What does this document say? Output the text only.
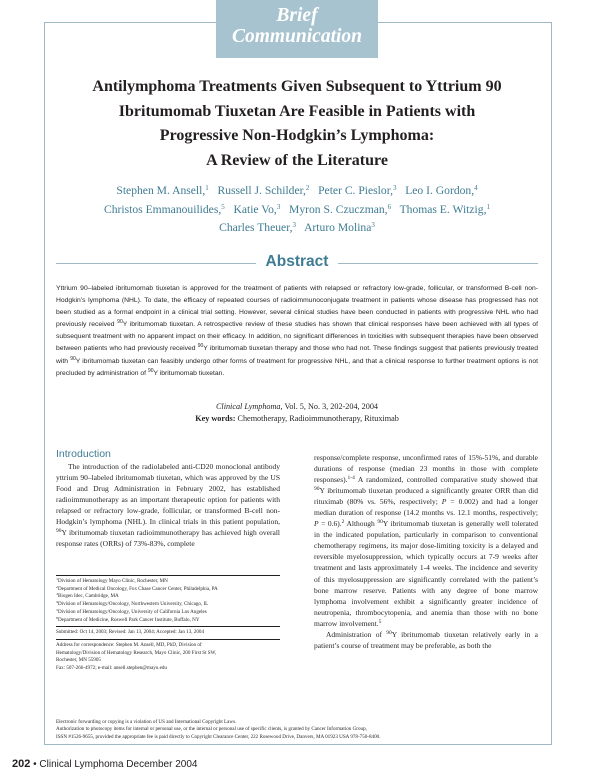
Brief
Communication
Antilymphoma Treatments Given Subsequent to Yttrium 90
Ibritumomab Tiuxetan Are Feasible in Patients with
Progressive Non-Hodgkin’s Lymphoma:
A Review of the Literature
Stephen M. Ansell,$^1$  Russell J. Schilder,$^2$  Peter C. Pieslor,$^3$  Leo I. Gordon,$^4$
Christos Emmanouilides,$^5$  Katie Vo,$^3$  Myron S. Czuczman,$^6$  Thomas E. Witzig,$^1$
Charles Theuer,$^3$  Arturo Molina$^3$
Abstract

Yttrium 90–labeled ibritumomab tiuxetan is approved for the treatment of patients with relapsed or refractory low-grade, follicular, or transformed B-cell non-Hodgkin’s lymphoma (NHL). To date, the efficacy of repeated courses of radioimmunoconjugate treatment in patients whose disease has progressed has not been studied as a formal endpoint in a clinical trial setting. However, several clinical studies have been conducted in patients with progressive NHL who had previously received $^{90}$Y ibritumomab tiuxetan. A retrospective review of these studies has shown that clinical responses have been achieved with all types of subsequent treatment with no apparent impact on their efficacy. In addition, no significant differences in toxicities with subsequent therapies have been observed between patients who had previously received $^{90}$Y ibritumomab tiuxetan therapy and those who had not. These findings suggest that patients previously treated with $^{90}$Y ibritumomab tiuxetan can feasibly undergo other forms of treatment for progressive NHL, and that a clinical response to further treatment options is not precluded by administration of $^{90}$Y ibritumomab tiuxetan.

Clinical Lymphoma, Vol. 5, No. 3, 202-204, 2004
Key words: Chemotherapy, Radioimmunotherapy, Rituximab
Introduction

The introduction of the radiolabeled anti-CD20 monoclonal antibody yttrium 90–labeled ibritumomab tiuxetan, which was approved by the US Food and Drug Administration in February 2002, has established radioimmunotherapy as an important therapeutic option for patients with relapsed or refractory low-grade, follicular, or transformed B-cell non-Hodgkin’s lymphoma (NHL). In clinical trials in this patient population, $^{90}$Y ibritumomab tiuxetan radioimmunotherapy has achieved high overall response rates (ORRs) of 73%-83%, complete

response/complete response, unconfirmed rates of 15%-51%, and durable durations of response (median 23 months in those with complete responses).$^{1-4}$ A randomized, controlled comparative study showed that $^{90}$Y ibritumomab tiuxetan produced a significantly greater ORR than did rituximab (80% vs. 56%, respectively; P = 0.002) and had a longer median duration of response (14.2 months vs. 12.1 months, respectively; P = 0.6).$^2$ Although $^{90}$Y ibritumomab tiuxetan is generally well tolerated in the indicated population, particularly in comparison to conventional chemotherapy regimens, its major dose-limiting toxicity is a delayed and reversible myelosuppression, which typically occurs at 7-9 weeks after treatment and lasts approximately 1-4 weeks. The incidence and severity of this myelosuppression are significantly correlated with the patient’s bone marrow reserve. Patients with any degree of bone marrow lymphoma involvement exhibit a significantly greater incidence of neutropenia, thrombocytopenia, and anemia than those with no bone marrow involvement.$^5$

Administration of $^{90}$Y ibritumomab tiuxetan relatively early in a patient’s course of treatment may be preferable, as both the

$^1$Division of Hematology Mayo Clinic, Rochester, MN
$^2$Department of Medical Oncology, Fox Chase Cancer Center, Philadelphia, PA
$^3$Biogen Idec, Cambridge, MA
$^4$Division of Hematology/Oncology, Northwestern University, Chicago, IL
$^5$Division of Hematology/Oncology, University of California Los Angeles
$^6$Department of Medicine, Roswell Park Cancer Institute, Buffalo, NY
Submitted: Oct 14, 2003; Revised: Jan 13, 2004; Accepted: Jan 13, 2004
Address for correspondence: Stephen M. Ansell, MD, PhD, Division of
Hematology/Division of Hematology Research, Mayo Clinic, 200 First St SW,
Rochester, MN 55905
Fax: 507-266-4972; e-mail: ansell.stephen@mayo.edu
Electronic forwarding or copying is a violation of US and International Copyright Laws.
Authorization to photocopy items for internal or personal use, or the internal or personal use of specific clients, is granted by Cancer Information Group,
ISSN #1526-9655, provided the appropriate fee is paid directly to Copyright Clearance Center, 222 Rosewood Drive, Danvers, MA 01923 USA 978-750-8400.
202 • Clinical Lymphoma December 2004
